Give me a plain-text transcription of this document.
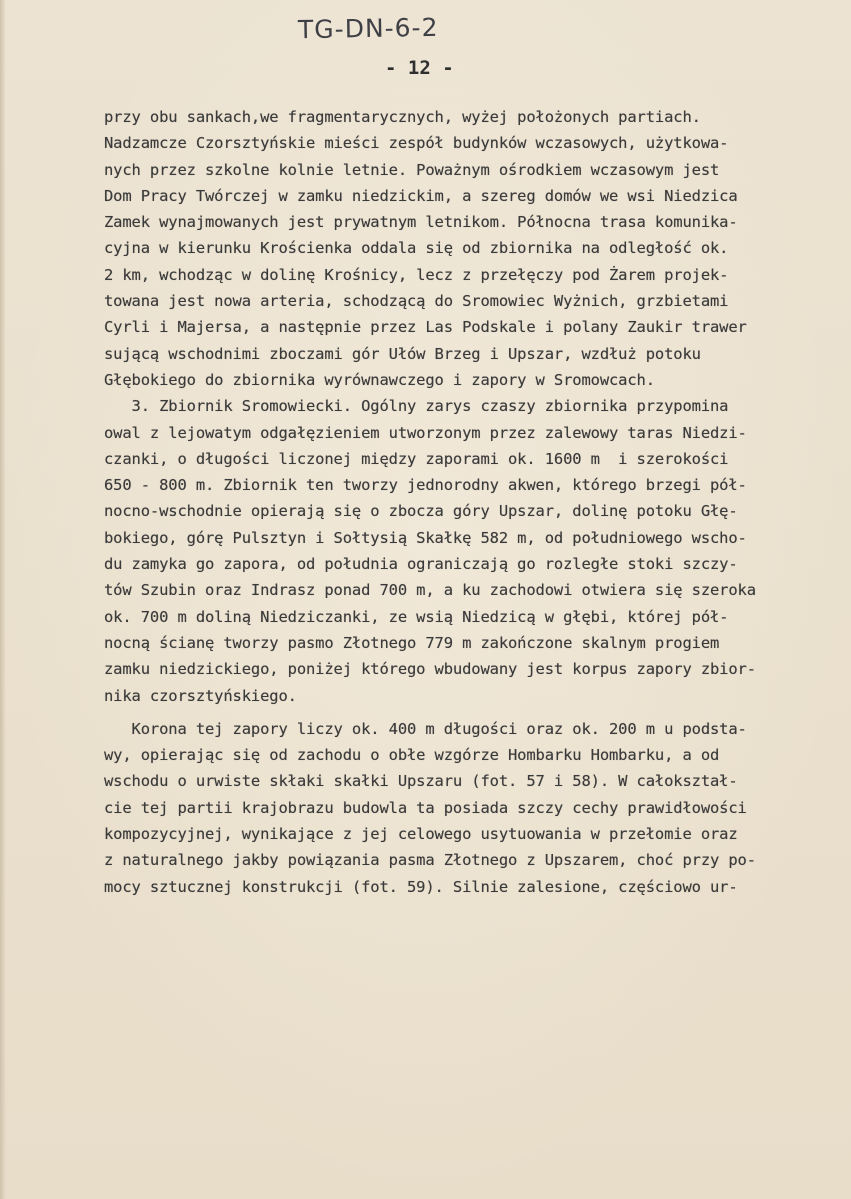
TG-DN-6-2
- 12 -
przy obu sankach,we fragmentarycznych, wyżej położonych partiach.
Nadzamcze Czorsztyńskie mieści zespół budynków wczasowych, użytkowa-
nych przez szkolne kolnie letnie. Poważnym ośrodkiem wczasowym jest
Dom Pracy Twórczej w zamku niedzickim, a szereg domów we wsi Niedzica
Zamek wynajmowanych jest prywatnym letnikom. Północna trasa komunika-
cyjna w kierunku Krościenka oddala się od zbiornika na odległość ok.
2 km, wchodząc w dolinę Krośnicy, lecz z przełęczy pod Żarem projek-
towana jest nowa arteria, schodzącą do Sromowiec Wyżnich, grzbietami
Cyrli i Majersa, a następnie przez Las Podskale i polany Zaukir trawer
sującą wschodnimi zboczami gór Ułów Brzeg i Upszar, wzdłuż potoku
Głębokiego do zbiornika wyrównawczego i zapory w Sromowcach.
3. Zbiornik Sromowiecki. Ogólny zarys czaszy zbiornika przypomina
owal z lejowatym odgałęzieniem utworzonym przez zalewowy taras Niedzi-
czanki, o długości liczonej między zaporami ok. 1600 m  i szerokości
650 - 800 m. Zbiornik ten tworzy jednorodny akwen, którego brzegi pół-
nocno-wschodnie opierają się o zbocza góry Upszar, dolinę potoku Głę-
bokiego, górę Pulsztyn i Sołtysią Skałkę 582 m, od południowego wscho-
du zamyka go zapora, od południa ograniczają go rozległe stoki szczy-
tów Szubin oraz Indrasz ponad 700 m, a ku zachodowi otwiera się szeroka
ok. 700 m doliną Niedziczanki, ze wsią Niedzicą w głębi, której pół-
nocną ścianę tworzy pasmo Złotnego 779 m zakończone skalnym progiem
zamku niedzickiego, poniżej którego wbudowany jest korpus zapory zbior-
nika czorsztyńskiego.
Korona tej zapory liczy ok. 400 m długości oraz ok. 200 m u podsta-
wy, opierając się od zachodu o obłe wzgórze Hombarku Hombarku, a od
wschodu o urwiste skłaki skałki Upszaru (fot. 57 i 58). W całokształ-
cie tej partii krajobrazu budowla ta posiada szczy cechy prawidłowości
kompozycyjnej, wynikające z jej celowego usytuowania w przełomie oraz
z naturalnego jakby powiązania pasma Złotnego z Upszarem, choć przy po-
mocy sztucznej konstrukcji (fot. 59). Silnie zalesione, częściowo ur-
